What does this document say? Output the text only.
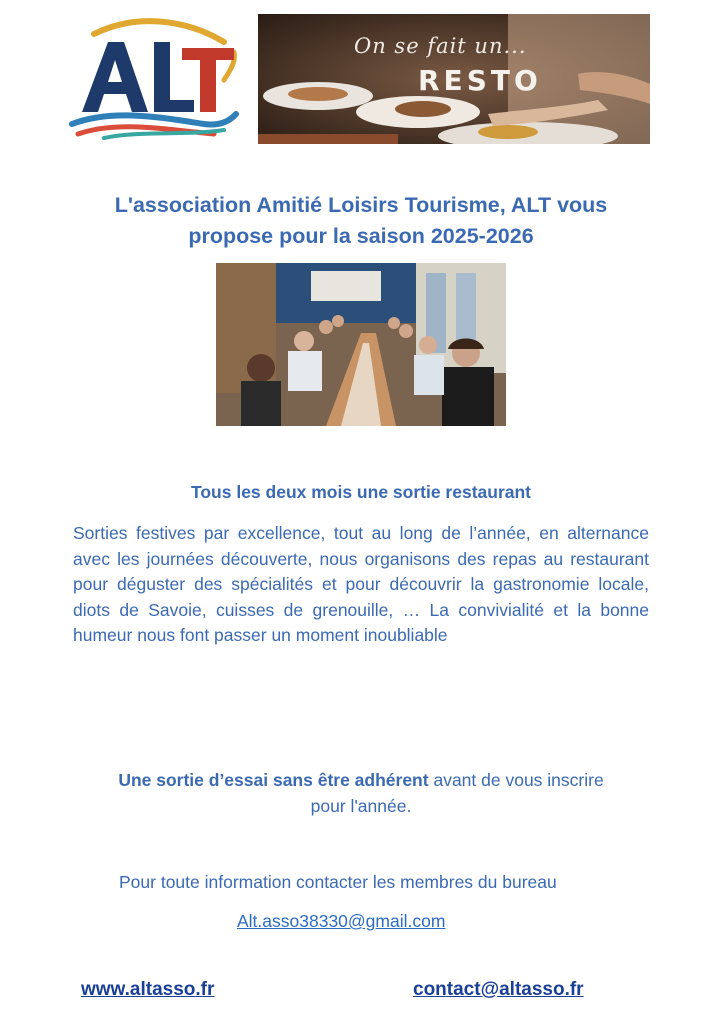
On se fait un...
RESTO
L'association Amitié Loisirs Tourisme, ALT vous
propose pour la saison 2025-2026
Tous les deux mois une sortie restaurant

Sorties festives par excellence, tout au long de l’année, en alternance avec les journées découverte, nous organisons des repas au restaurant pour déguster des spécialités et pour découvrir la gastronomie locale, diots de Savoie, cuisses de grenouille, … La convivialité et la bonne humeur nous font passer un moment inoubliable

Une sortie d’essai sans être adhérent avant de vous inscrire
pour l'année.
Pour toute information contacter les membres du bureau
Alt.asso38330@gmail.com
www.altasso.fr	contact@altasso.fr
